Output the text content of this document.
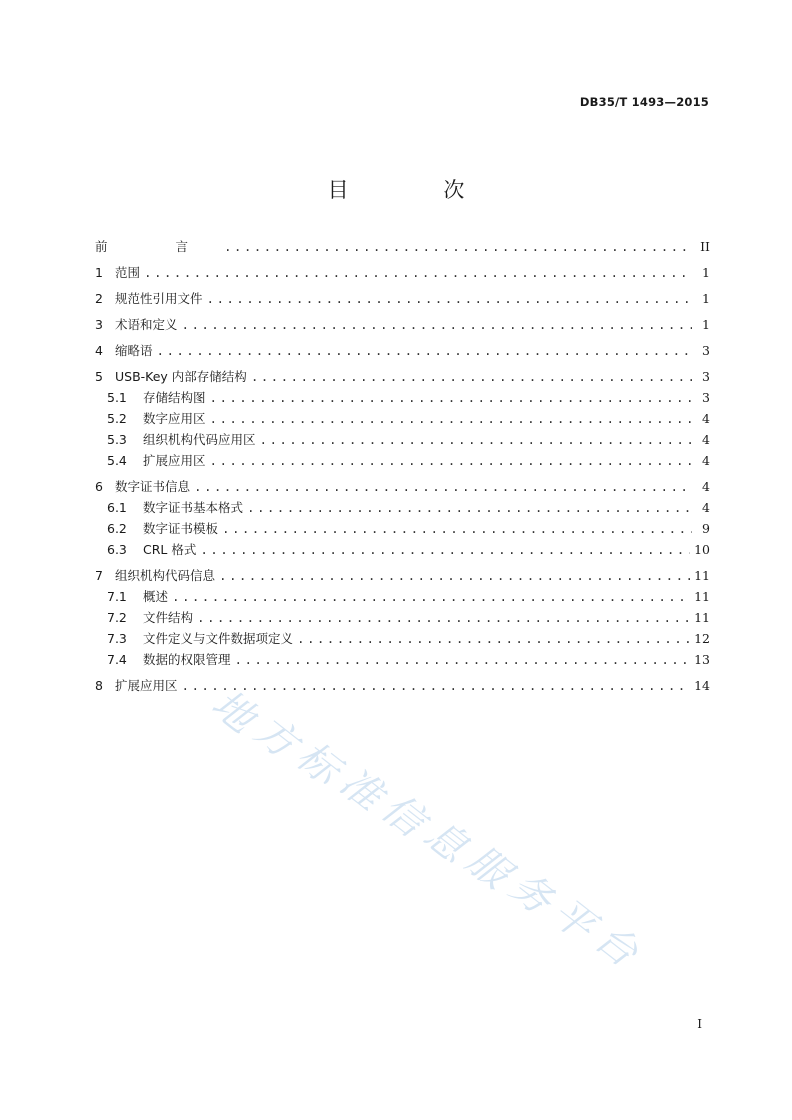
DB35/T 1493—2015
目 次
前 言 .....	II
1 范围 .....	1
2 规范性引用文件 .....	1
3 术语和定义 .....	1
4 缩略语 .....	3
5 USB-Key 内部存储结构 .....	3
5.1	存储结构图 .....	3
5.2	数字应用区 .....	4
5.3	组织机构代码应用区 .....	4
5.4	扩展应用区 .....	4
6 数字证书信息 .....	4
6.1	数字证书基本格式 .....	4
6.2	数字证书模板 .....	9
6.3	CRL 格式 .....	10
7 组织机构代码信息 .....	11
7.1	概述 .....	11
7.2	文件结构 .....	11
7.3	文件定义与文件数据项定义 .....	12
7.4	数据的权限管理 .....	13
8 扩展应用区 .....	14
地
方
标
准
信
息
服
务
平
台
I
